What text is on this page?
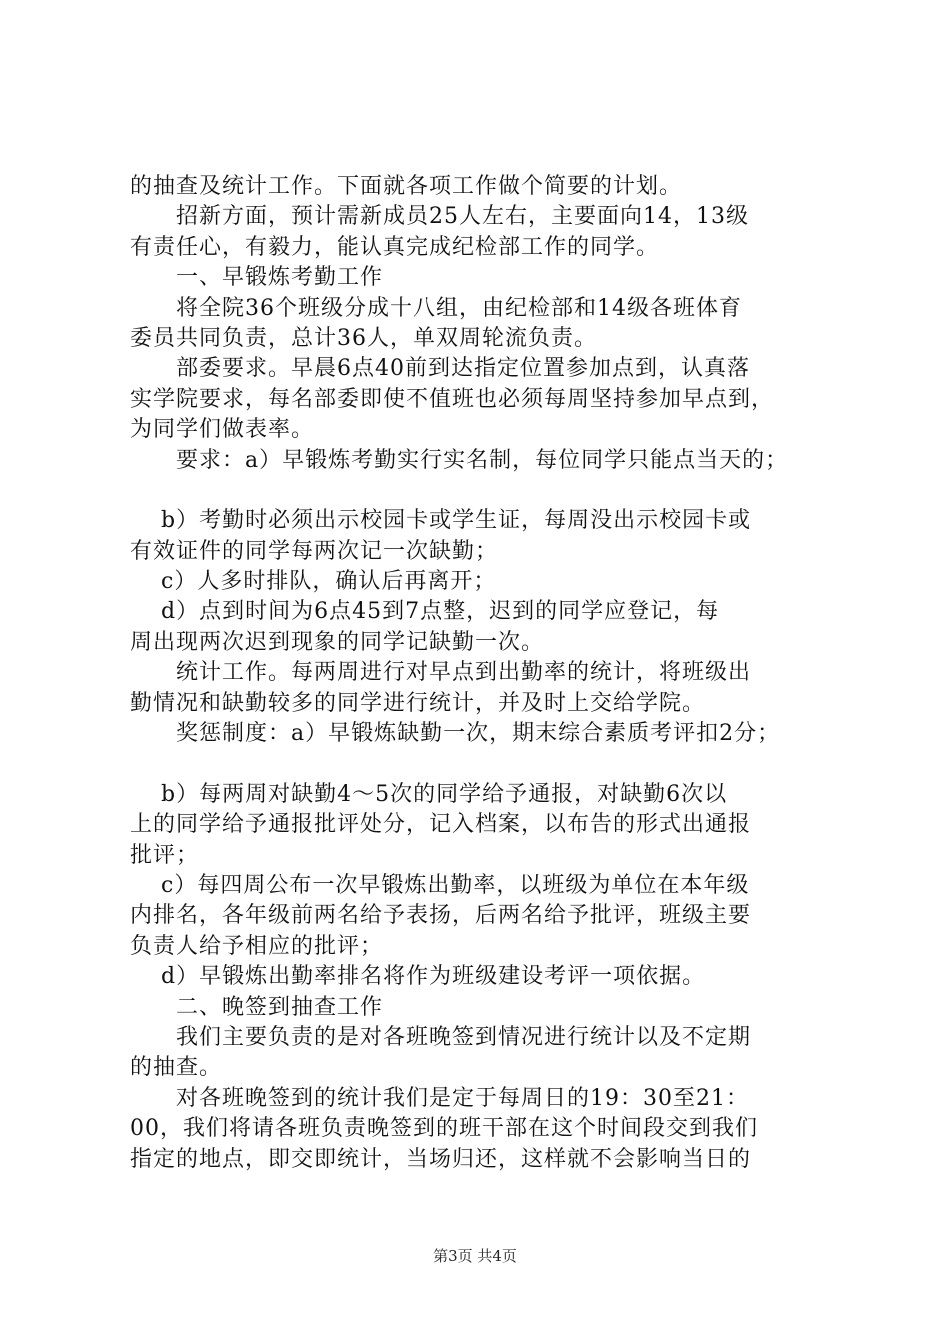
的抽查及统计工作。下面就各项工作做个简要的计划。
　　招新方面，预计需新成员25人左右，主要面向14，13级
有责任心，有毅力，能认真完成纪检部工作的同学。
　　一、早锻炼考勤工作
　　将全院36个班级分成十八组，由纪检部和14级各班体育
委员共同负责，总计36人，单双周轮流负责。
　　部委要求。早晨6点40前到达指定位置参加点到，认真落
实学院要求，每名部委即使不值班也必须每周坚持参加早点到，
为同学们做表率。
　　要求：a）早锻炼考勤实行实名制，每位同学只能点当天的；
　 b）考勤时必须出示校园卡或学生证，每周没出示校园卡或
有效证件的同学每两次记一次缺勤；
　 c）人多时排队，确认后再离开；
　 d）点到时间为6点45到7点整，迟到的同学应登记，每
周出现两次迟到现象的同学记缺勤一次。
　　统计工作。每两周进行对早点到出勤率的统计，将班级出
勤情况和缺勤较多的同学进行统计，并及时上交给学院。
　　奖惩制度：a）早锻炼缺勤一次，期末综合素质考评扣2分；
　 b）每两周对缺勤4～5次的同学给予通报，对缺勤6次以
上的同学给予通报批评处分，记入档案，以布告的形式出通报
批评；
　 c）每四周公布一次早锻炼出勤率，以班级为单位在本年级
内排名，各年级前两名给予表扬，后两名给予批评，班级主要
负责人给予相应的批评；
　 d）早锻炼出勤率排名将作为班级建设考评一项依据。
　　二、晚签到抽查工作
　　我们主要负责的是对各班晚签到情况进行统计以及不定期
的抽查。
　　对各班晚签到的统计我们是定于每周日的19：30至21：
00，我们将请各班负责晚签到的班干部在这个时间段交到我们
指定的地点，即交即统计，当场归还，这样就不会影响当日的
第3页 共4页
